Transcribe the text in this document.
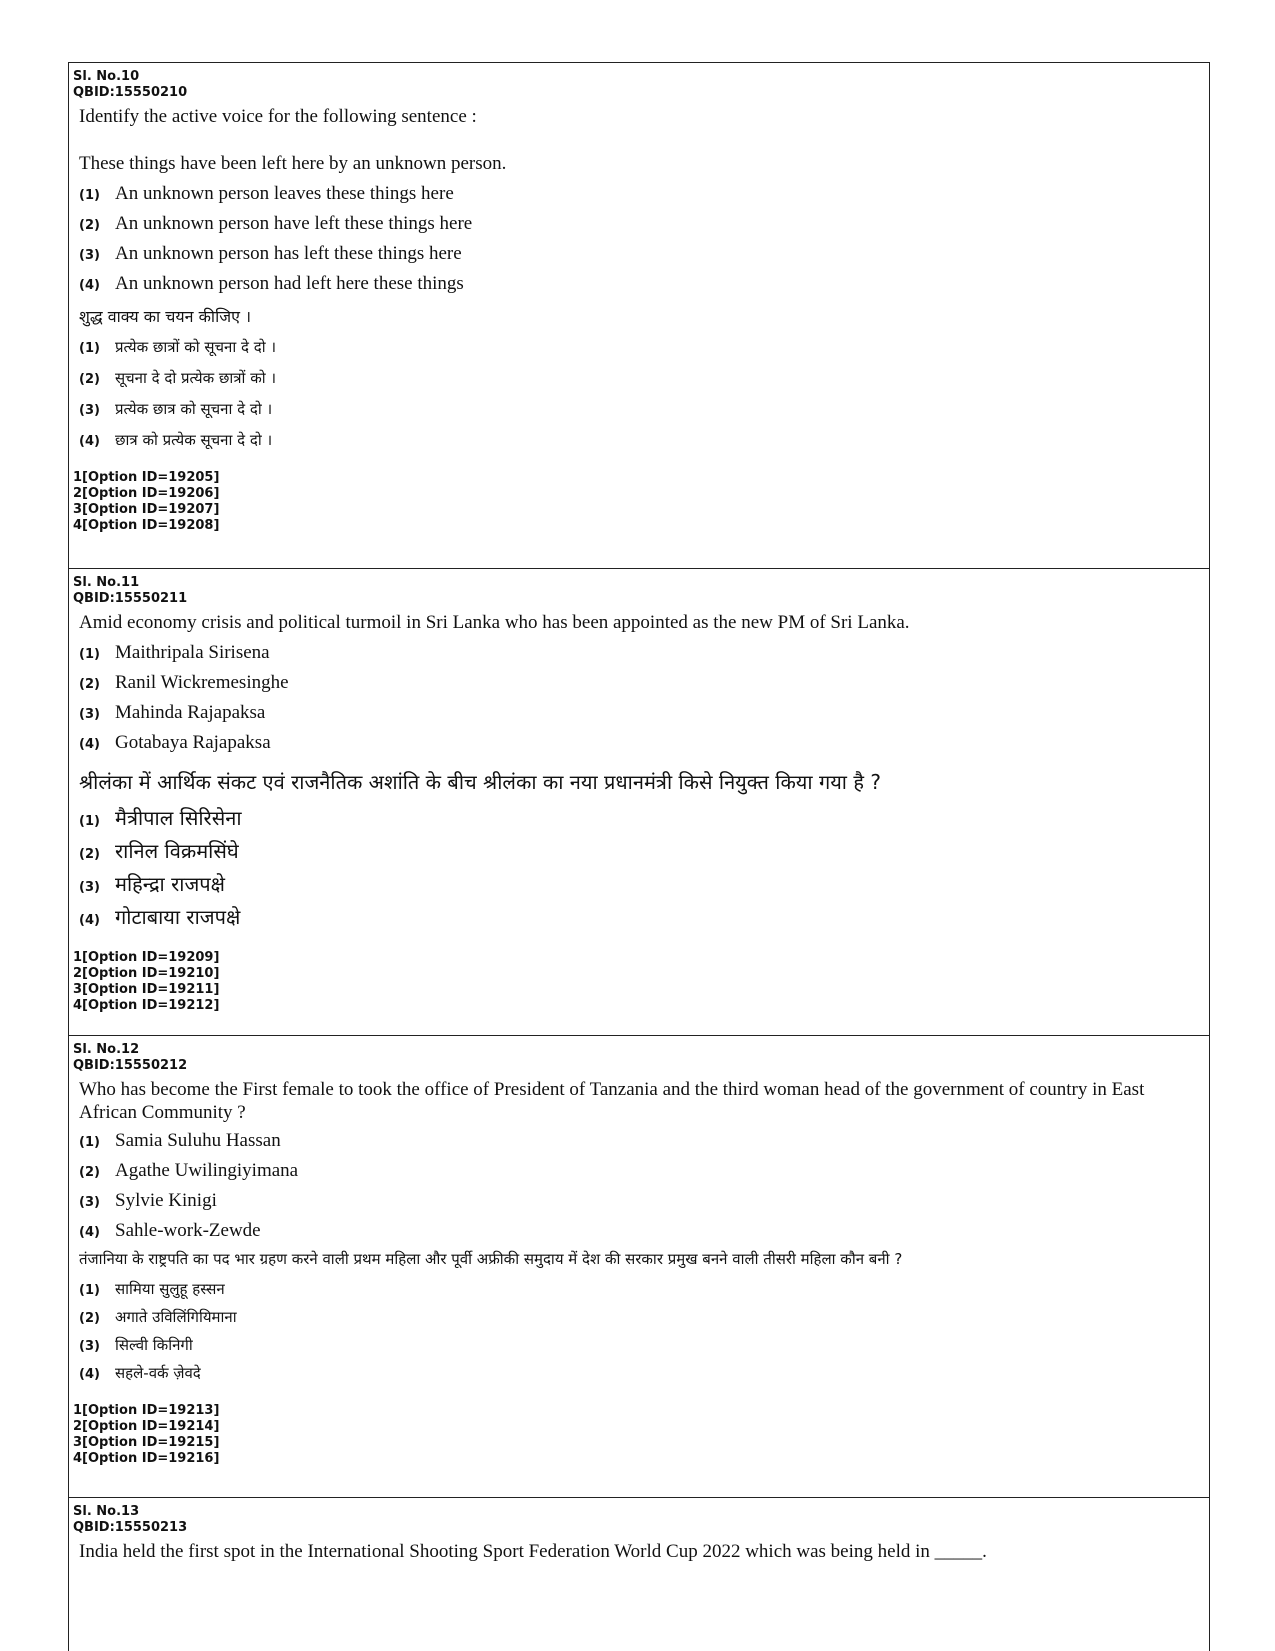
Sl. No.10

QBID:15550210

Identify the active voice for the following sentence :

These things have been left here by an unknown person.

(1) An unknown person leaves these things here
(2) An unknown person have left these things here
(3) An unknown person has left these things here
(4) An unknown person had left here these things

शुद्ध वाक्य का चयन कीजिए ।

(1)	प्रत्येक छात्रों को सूचना दे दो ।
(2)	सूचना दे दो प्रत्येक छात्रों को ।
(3)	प्रत्येक छात्र को सूचना दे दो ।
(4)	छात्र को प्रत्येक सूचना दे दो ।
1[Option ID=19205]
2[Option ID=19206]
3[Option ID=19207]
4[Option ID=19208]

Sl. No.11

QBID:15550211

Amid economy crisis and political turmoil in Sri Lanka who has been appointed as the new PM of Sri Lanka.

(1) Maithripala Sirisena
(2) Ranil Wickremesinghe
(3) Mahinda Rajapaksa
(4) Gotabaya Rajapaksa

श्रीलंका में आर्थिक संकट एवं राजनैतिक अशांति के बीच श्रीलंका का नया प्रधानमंत्री किसे नियुक्त किया गया है ?

(1) मैत्रीपाल सिरिसेना
(2) रानिल विक्रमसिंघे
(3) महिन्द्रा राजपक्षे
(4) गोटाबाया राजपक्षे
1[Option ID=19209]
2[Option ID=19210]
3[Option ID=19211]
4[Option ID=19212]

Sl. No.12

QBID:15550212

Who has become the First female to took the office of President of Tanzania and the third woman head of the government of country in East African Community ?

(1) Samia Suluhu Hassan
(2) Agathe Uwilingiyimana
(3) Sylvie Kinigi
(4) Sahle-work-Zewde

तंजानिया के राष्ट्रपति का पद भार ग्रहण करने वाली प्रथम महिला और पूर्वी अफ्रीकी समुदाय में देश की सरकार प्रमुख बनने वाली तीसरी महिला कौन बनी ?

(1)	सामिया सुलुहू हस्सन
(2)	अगाते उविलिंगियिमाना
(3)	सिल्वी किनिगी
(4)	सहले-वर्क ज़ेवदे
1[Option ID=19213]
2[Option ID=19214]
3[Option ID=19215]
4[Option ID=19216]

Sl. No.13

QBID:15550213

India held the first spot in the International Shooting Sport Federation World Cup 2022 which was being held in _____.
